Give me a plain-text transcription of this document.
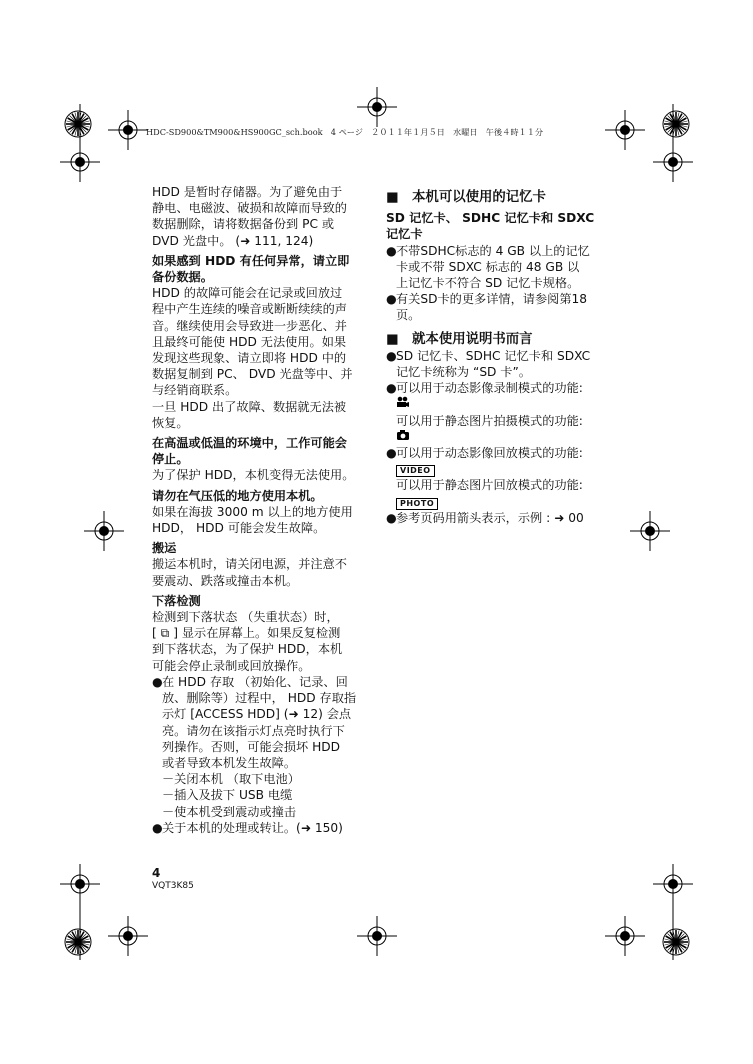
HDC-SD900&TM900&HS900GC_sch.book　4 ページ　２０１１年１月５日　水曜日　午後４時１１分

HDD 是暂时存储器。为了避免由于
静电、电磁波、破损和故障而导致的
数据删除，请将数据备份到 PC 或
DVD 光盘中。 (➜ 111, 124)

如果感到 HDD 有任何异常，请立即
备份数据。

HDD 的故障可能会在记录或回放过
程中产生连续的噪音或断断续续的声
音。继续使用会导致进一步恶化、并
且最终可能使 HDD 无法使用。如果
发现这些现象、请立即将 HDD 中的
数据复制到 PC、 DVD 光盘等中、并
与经销商联系。
一旦 HDD 出了故障、数据就无法被
恢复。

在高温或低温的环境中，工作可能会
停止。

为了保护 HDD，本机变得无法使用。

请勿在气压低的地方使用本机。

如果在海拔 3000 m 以上的地方使用
HDD， HDD 可能会发生故障。

搬运

搬运本机时，请关闭电源，并注意不
要震动、跌落或撞击本机。

下落检测

检测到下落状态 （失重状态）时，
[ ⧉ ] 显示在屏幕上。如果反复检测
到下落状态，为了保护 HDD，本机
可能会停止录制或回放操作。

● 在 HDD 存取 （初始化、记录、回
放、删除等）过程中， HDD 存取指
示灯 [ACCESS HDD] (➜ 12) 会点
亮。请勿在该指示灯点亮时执行下
列操作。否则，可能会损坏 HDD
或者导致本机发生故障。
－关闭本机 （取下电池）
－插入及拔下 USB 电缆
－使本机受到震动或撞击
● 关于本机的处理或转让。(➜ 150)

■　本机可以使用的记忆卡

SD 记忆卡、 SDHC 记忆卡和 SDXC
记忆卡

● 不带SDHC标志的 4 GB 以上的记忆
卡或不带 SDXC 标志的 48 GB 以
上记忆卡不符合 SD 记忆卡规格。
● 有关SD卡的更多详情，请参阅第18
页。

■　就本使用说明书而言

● SD 记忆卡、SDHC 记忆卡和 SDXC
记忆卡统称为 “SD 卡”。
● 可以用于动态影像录制模式的功能:

可以用于静态图片拍摄模式的功能:

● 可以用于动态影像回放模式的功能:
VIDEO
可以用于静态图片回放模式的功能:
PHOTO
● 参考页码用箭头表示，示例 : ➜ 00
4
VQT3K85
